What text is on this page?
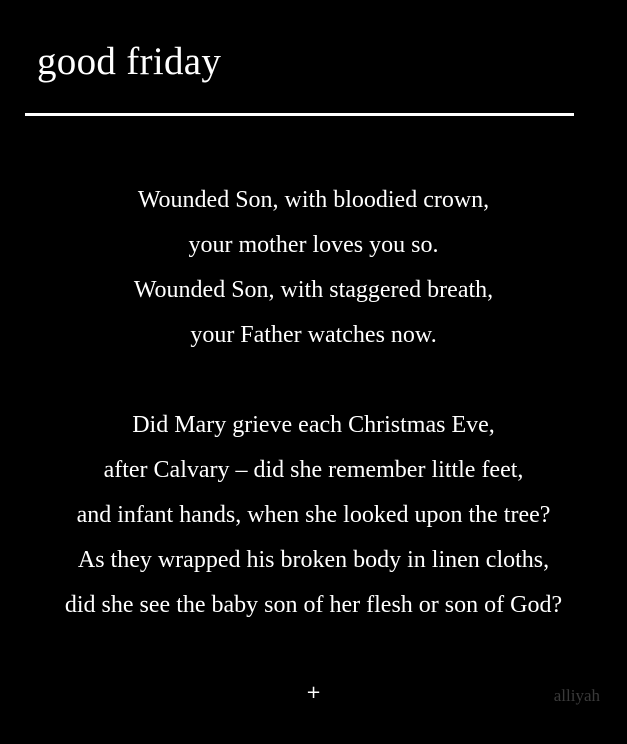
good friday

Wounded Son, with bloodied crown,
your mother loves you so.
Wounded Son, with staggered breath,
your Father watches now.

Did Mary grieve each Christmas Eve,
after Calvary – did she remember little feet,
and infant hands, when she looked upon the tree?
As they wrapped his broken body in linen cloths,
did she see the baby son of her flesh or son of God?

+	alliyah
